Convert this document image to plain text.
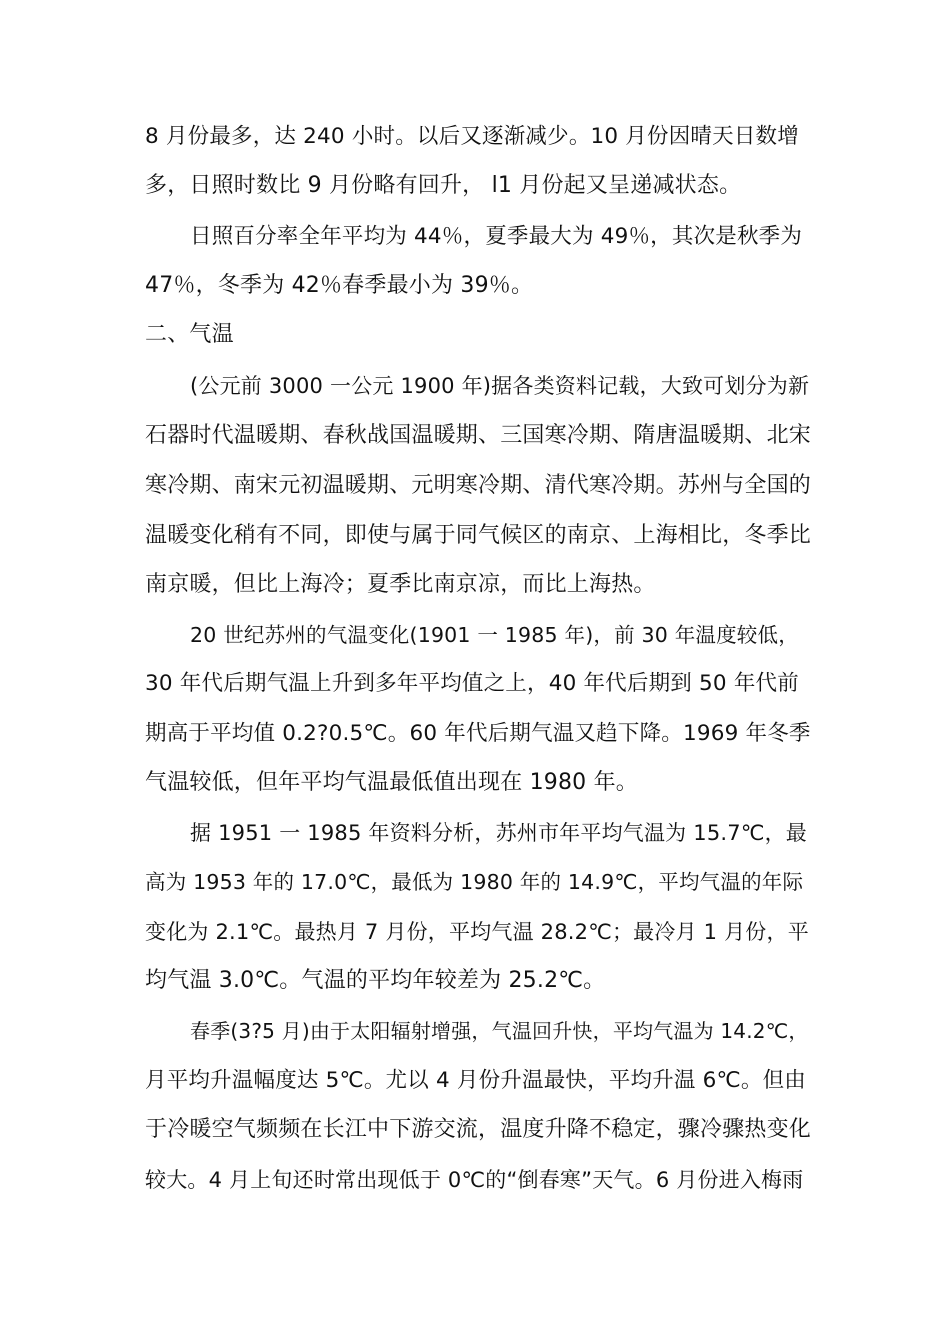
8 月份最多，达 240 小时。以后又逐渐减少。10 月份因晴天日数增
多，日照时数比 9 月份略有回升， l1 月份起又呈递减状态。
日照百分率全年平均为 44％，夏季最大为 49％，其次是秋季为
47％，冬季为 42％春季最小为 39％。
二、气温
(公元前 3000 一公元 1900 年)据各类资料记载，大致可划分为新
石器时代温暖期、春秋战国温暖期、三国寒冷期、隋唐温暖期、北宋
寒冷期、南宋元初温暖期、元明寒冷期、清代寒冷期。苏州与全国的
温暖变化稍有不同，即使与属于同气候区的南京、上海相比，冬季比
南京暖，但比上海冷；夏季比南京凉，而比上海热。
20 世纪苏州的气温变化(1901 一 1985 年)，前 30 年温度较低，
30 年代后期气温上升到多年平均值之上，40 年代后期到 50 年代前
期高于平均值 0.2?0.5℃。60 年代后期气温又趋下降。1969 年冬季
气温较低，但年平均气温最低值出现在 1980 年。
据 1951 一 1985 年资料分析，苏州市年平均气温为 15.7℃，最
高为 1953 年的 17.0℃，最低为 1980 年的 14.9℃，平均气温的年际
变化为 2.1℃。最热月 7 月份，平均气温 28.2℃；最冷月 1 月份，平
均气温 3.0℃。气温的平均年较差为 25.2℃。
春季(3?5 月)由于太阳辐射增强，气温回升快，平均气温为 14.2℃，
月平均升温幅度达 5℃。尤以 4 月份升温最快，平均升温 6℃。但由
于冷暖空气频频在长江中下游交流，温度升降不稳定，骤冷骤热变化
较大。4 月上旬还时常出现低于 0℃的“倒春寒”天气。6 月份进入梅雨
